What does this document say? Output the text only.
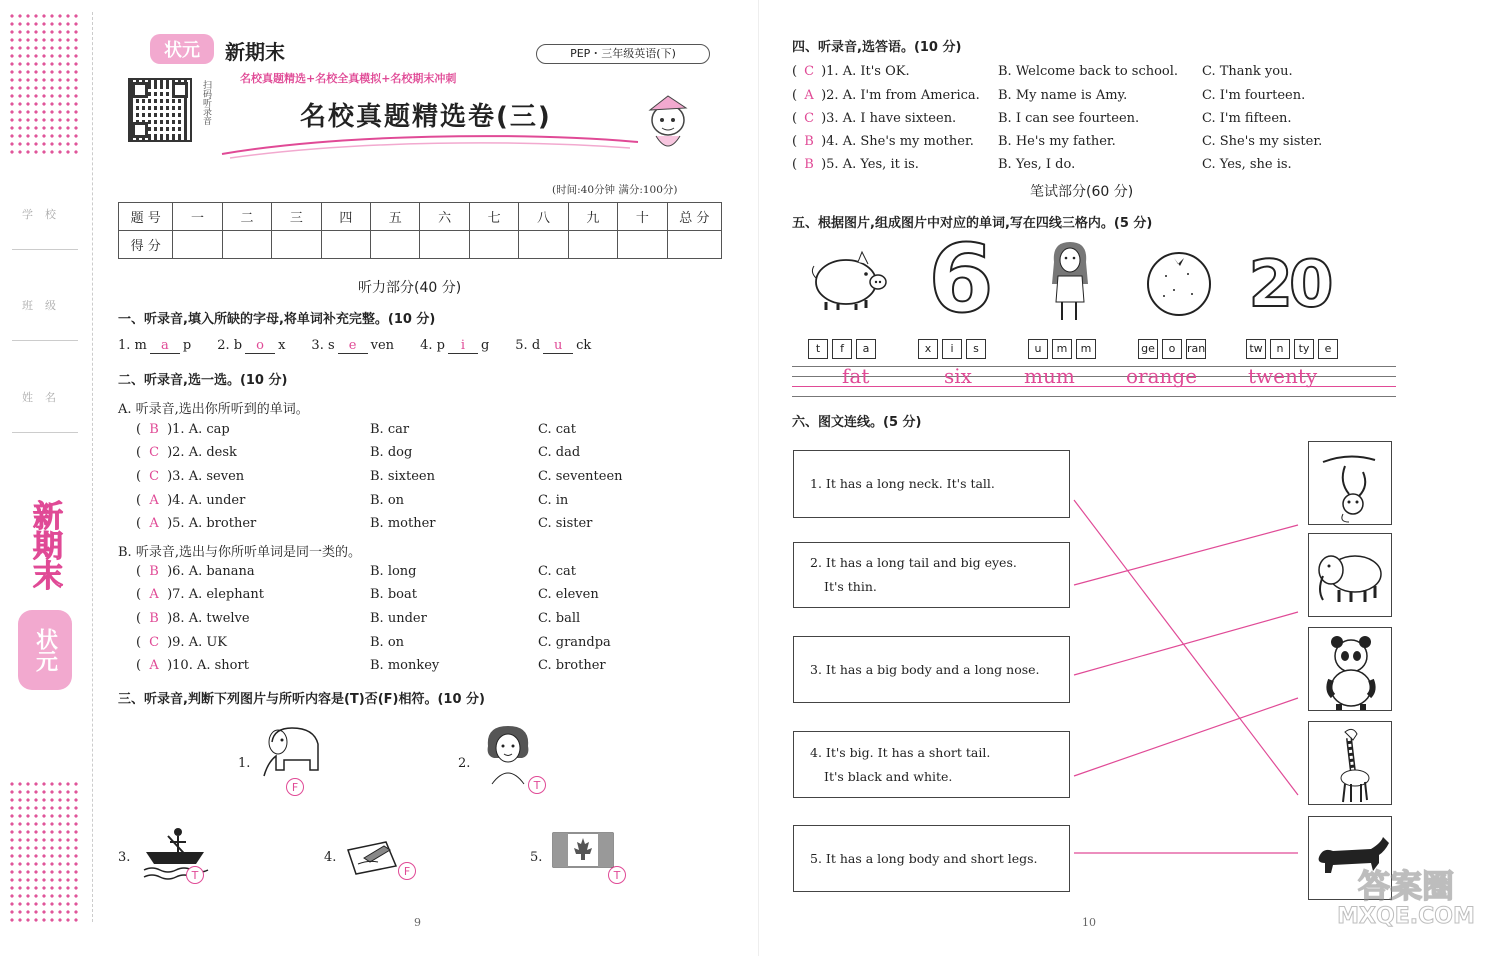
学校
班级
姓名
新期末
状元
状元 新期末	PEP・三年级英语(下)
名校真题精选+名校全真模拟+名校期末冲刺
扫码听录音	名校真题精选卷(三)
(时间:40分钟 满分:100分)
题 号	一	二	三	四	五	六	七	八	九	十	总 分
得 分											
听力部分(40 分)
一、听录音,填入所缺的字母,将单词补充完整。(10 分)
1. m a p 2. b o x 3. s e ven 4. p i g 5. d u ck
二、听录音,选一选。(10 分)
A. 听录音,选出你所听到的单词。
B. 听录音,选出与你所听单词是同一类的。
( B )1. A. cap	B. car	C. cat
( C )2. A. desk	B. dog	C. dad
( C )3. A. seven	B. sixteen	C. seventeen
( A )4. A. under	B. on	C. in
( A )5. A. brother	B. mother	C. sister
( B )6. A. banana	B. long	C. cat
( A )7. A. elephant	B. boat	C. eleven
( B )8. A. twelve	B. under	C. ball
( C )9. A. UK	B. on	C. grandpa
( A )10. A. short	B. monkey	C. brother
三、听录音,判断下列图片与所听内容是(T)否(F)相符。(10 分)
1.
F
2.
T
3.
T
4.
F
5.
T
9
四、听录音,选答语。(10 分)
( C )1. A. It's OK.	B. Welcome back to school. C. Thank you.
( A )2. A. I'm from America. B. My name is Amy.	C. I'm fourteen.
( C )3. A. I have sixteen.	B. I can see fourteen.	C. I'm fifteen.
( B )4. A. She's my mother. B. He's my father.	C. She's my sister.
( B )5. A. Yes, it is.	B. Yes, I do.	C. Yes, she is.
笔试部分(60 分)
五、根据图片,组成图片中对应的单词,写在四线三格内。(5 分)
6	20
t f a	x i s	u m m	ge o ran	tw n ty e
fat	six	mum	orange	twenty
六、图文连线。(5 分)
1. It has a long neck. It's tall.
2. It has a long tail and big eyes.
It's thin.
3. It has a big body and a long nose.
4. It's big. It has a short tail.
It's black and white.
5. It has a long body and short legs.
10
答案圈
MXQE.COM
